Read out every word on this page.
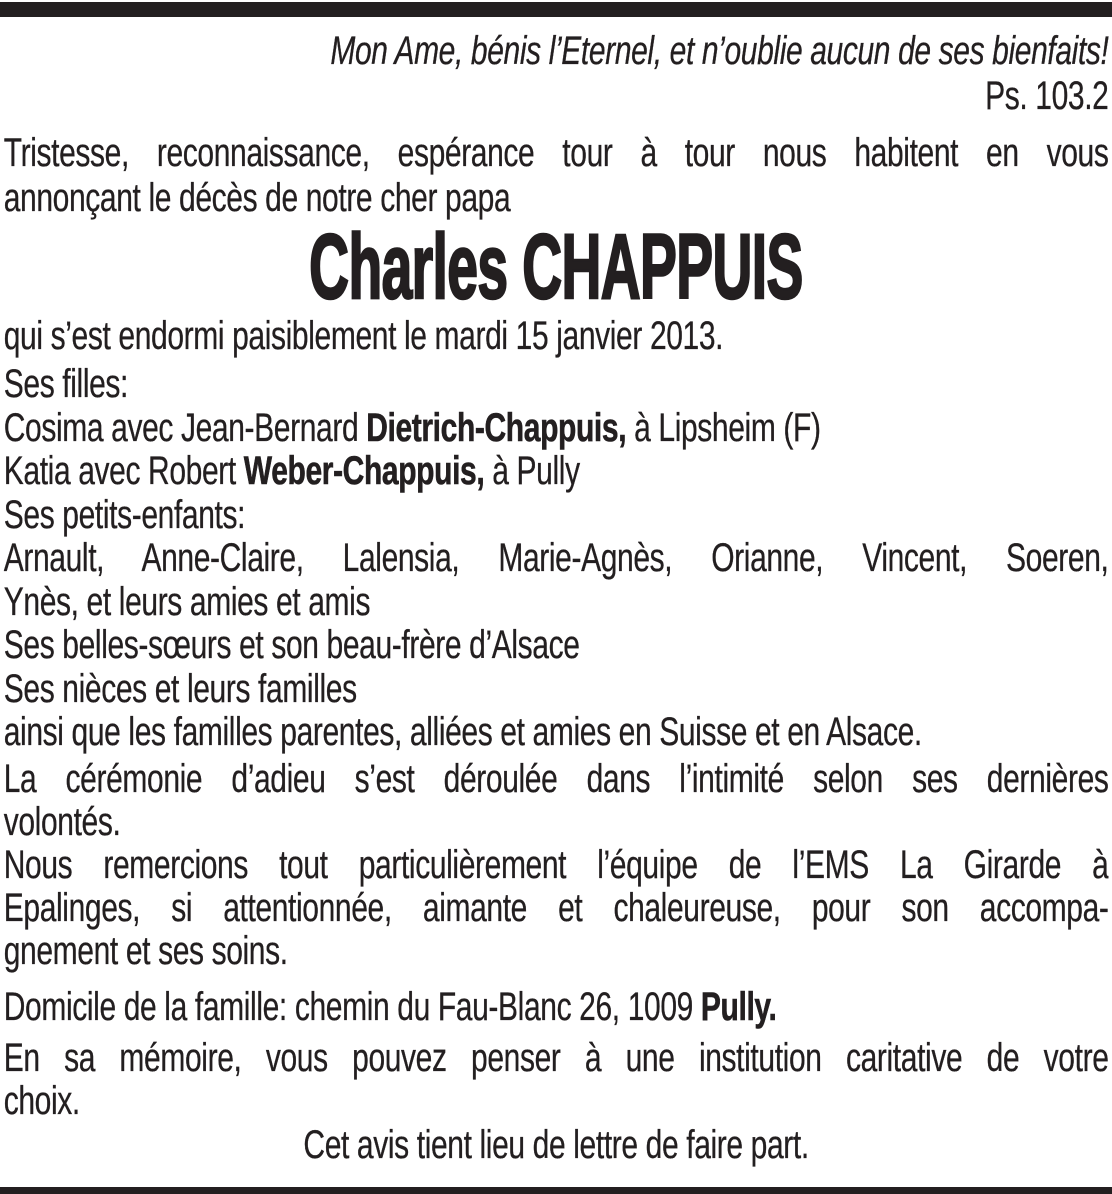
Mon Ame, bénis l’Eternel, et n’oublie aucun de ses bienfaits!
Ps. 103.2
Tristesse, reconnaissance, espérance tour à tour nous habitent en vous
annonçant le décès de notre cher papa
Charles CHAPPUIS
qui s’est endormi paisiblement le mardi 15 janvier 2013.
Ses filles:
Cosima avec Jean-Bernard Dietrich-Chappuis, à Lipsheim (F)
Katia avec Robert Weber-Chappuis, à Pully
Ses petits-enfants:
Arnault, Anne-Claire, Lalensia, Marie-Agnès, Orianne, Vincent, Soeren,
Ynès, et leurs amies et amis
Ses belles-sœurs et son beau-frère d’Alsace
Ses nièces et leurs familles
ainsi que les familles parentes, alliées et amies en Suisse et en Alsace.
La cérémonie d’adieu s’est déroulée dans l’intimité selon ses dernières
volontés.
Nous remercions tout particulièrement l’équipe de l’EMS La Girarde à
Epalinges, si attentionnée, aimante et chaleureuse, pour son accompa-
gnement et ses soins.
Domicile de la famille: chemin du Fau-Blanc 26, 1009 Pully.
En sa mémoire, vous pouvez penser à une institution caritative de votre
choix.
Cet avis tient lieu de lettre de faire part.
